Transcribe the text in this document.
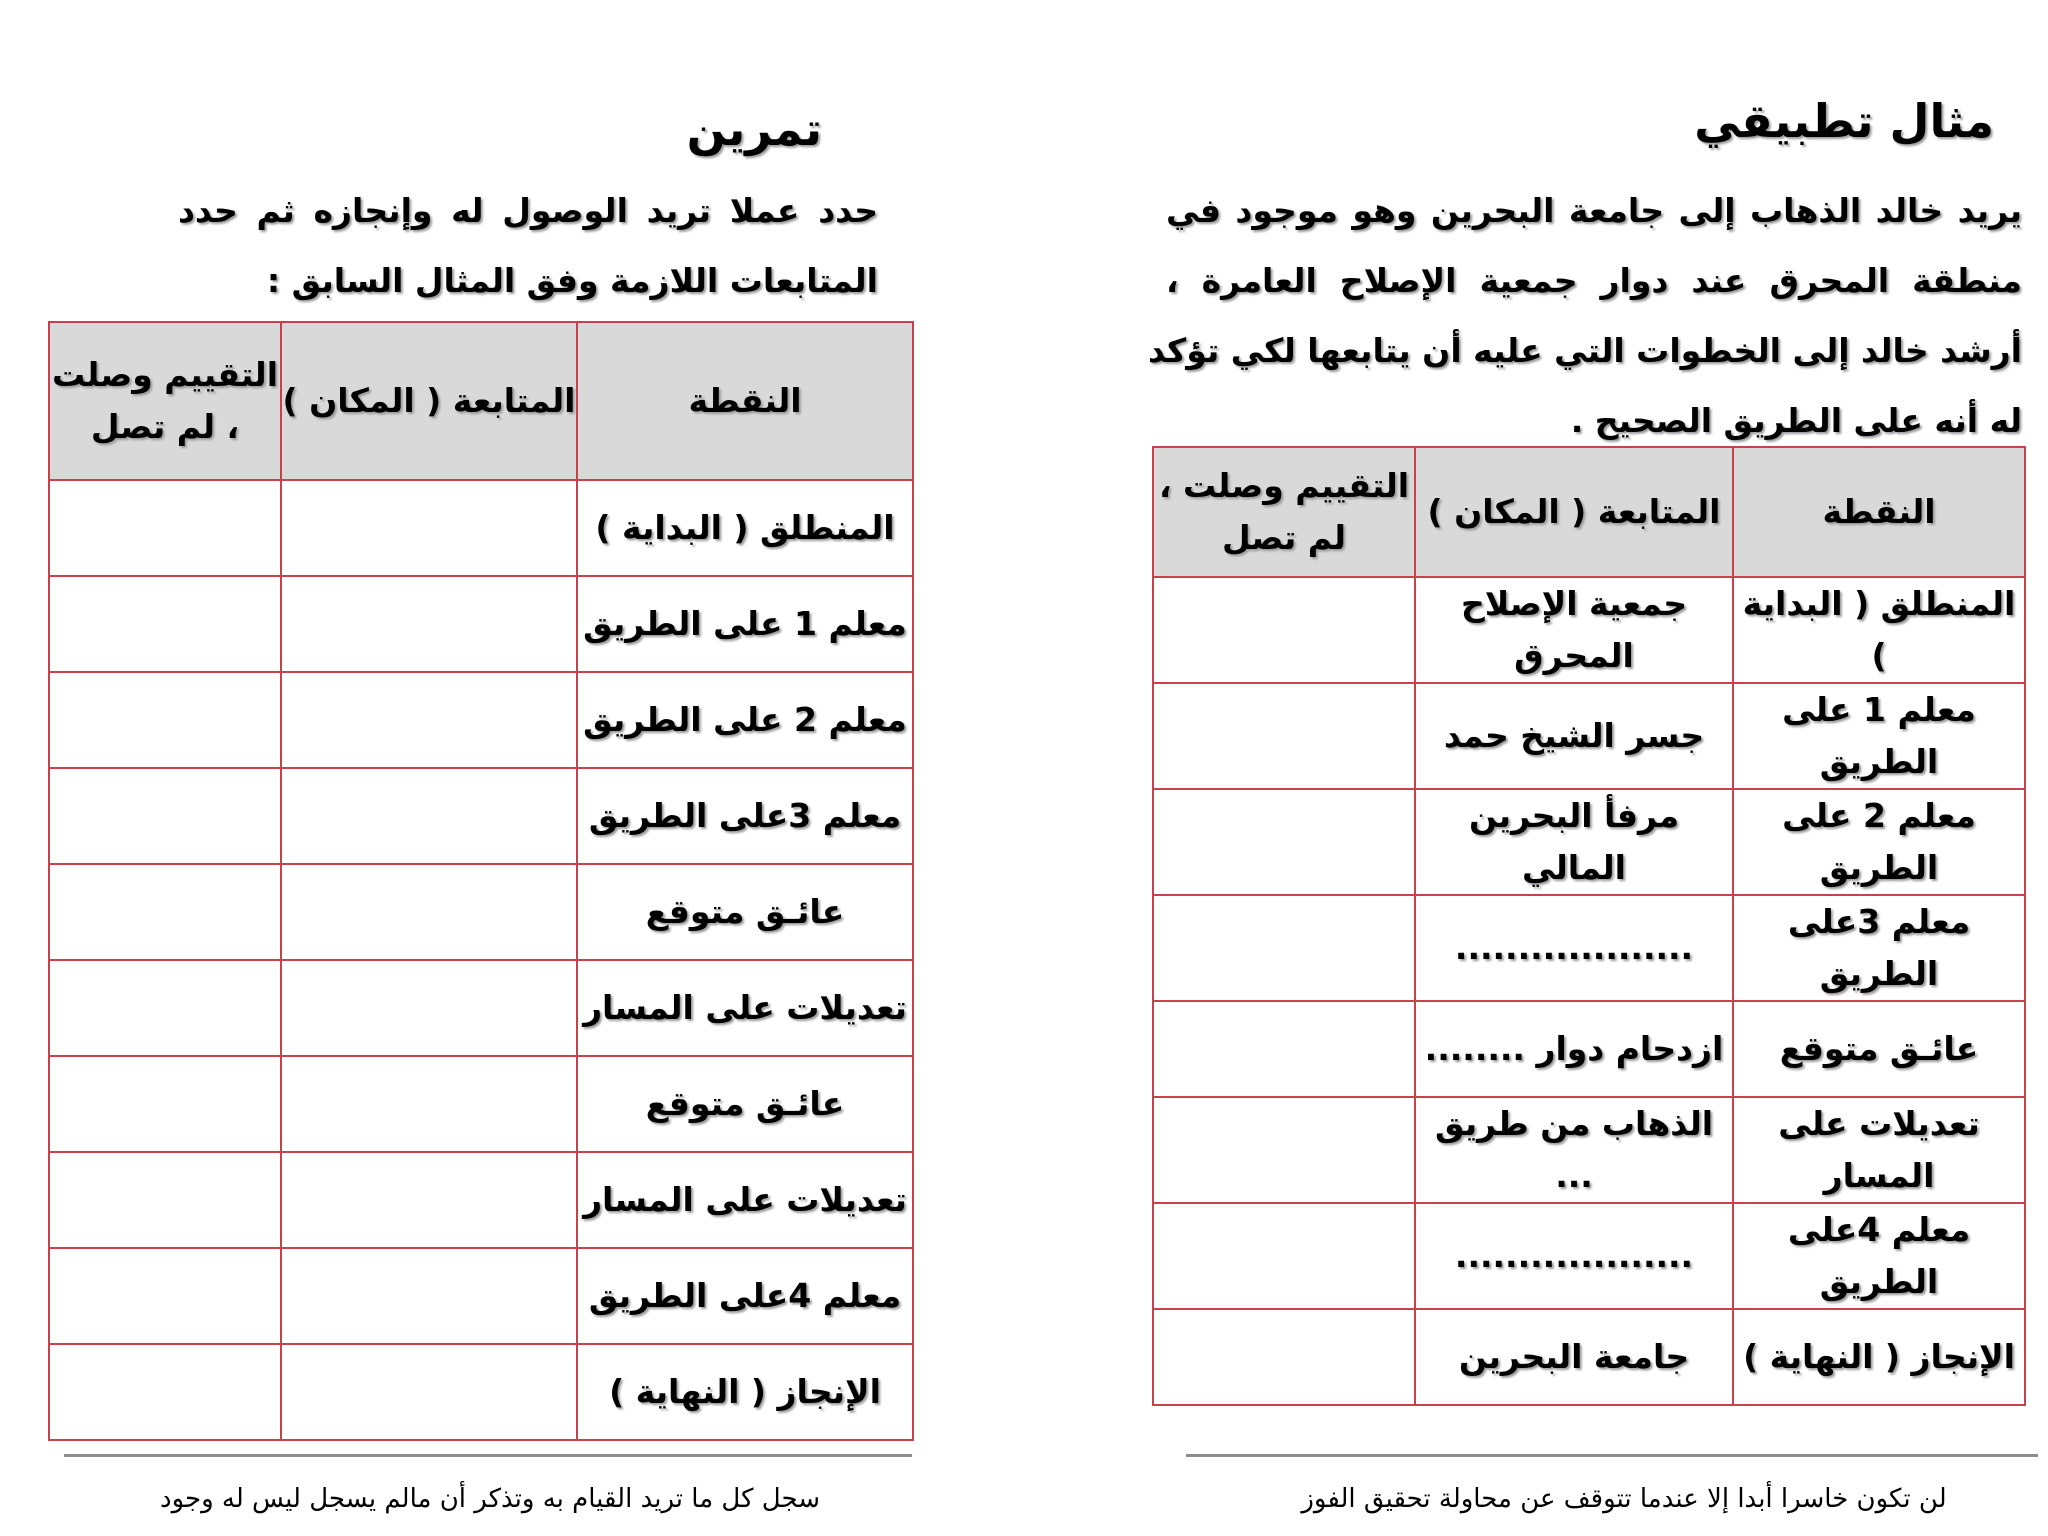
تمرين
حدد عملا تريد الوصول له وإنجازه ثم حدد
المتابعات اللازمة وفق المثال السابق :
النقطة	المتابعة ( المكان )	التقييم وصلت ، لم تصل
المنطلق ( البداية )		
معلم 1 على الطريق		
معلم 2 على الطريق		
معلم 3على الطريق		
عائـق متوقع		
تعديلات على المسار		
عائـق متوقع		
تعديلات على المسار		
معلم 4على الطريق		
الإنجاز ( النهاية )		
سجل كل ما تريد القيام به وتذكر أن مالم يسجل ليس له وجود
مثال تطبيقي
يريد خالد الذهاب إلى جامعة البحرين وهو موجود في
منطقة المحرق عند دوار جمعية الإصلاح العامرة ،
أرشد خالد إلى الخطوات التي عليه أن يتابعها لكي تؤكد
له أنه على الطريق الصحيح .
النقطة	المتابعة ( المكان )	التقييم وصلت ، لم تصل
المنطلق ( البداية )	جمعية الإصلاح المحرق	
معلم 1 على الطريق	جسر الشيخ حمد	
معلم 2 على الطريق	مرفأ البحرين المالي	
معلم 3على الطريق	...................	
عائـق متوقع	ازدحام دوار ........	
تعديلات على المسار	الذهاب من طريق ...	
معلم 4على الطريق	...................	
الإنجاز ( النهاية )	جامعة البحرين	
لن تكون خاسرا أبدا إلا عندما تتوقف عن محاولة تحقيق الفوز
